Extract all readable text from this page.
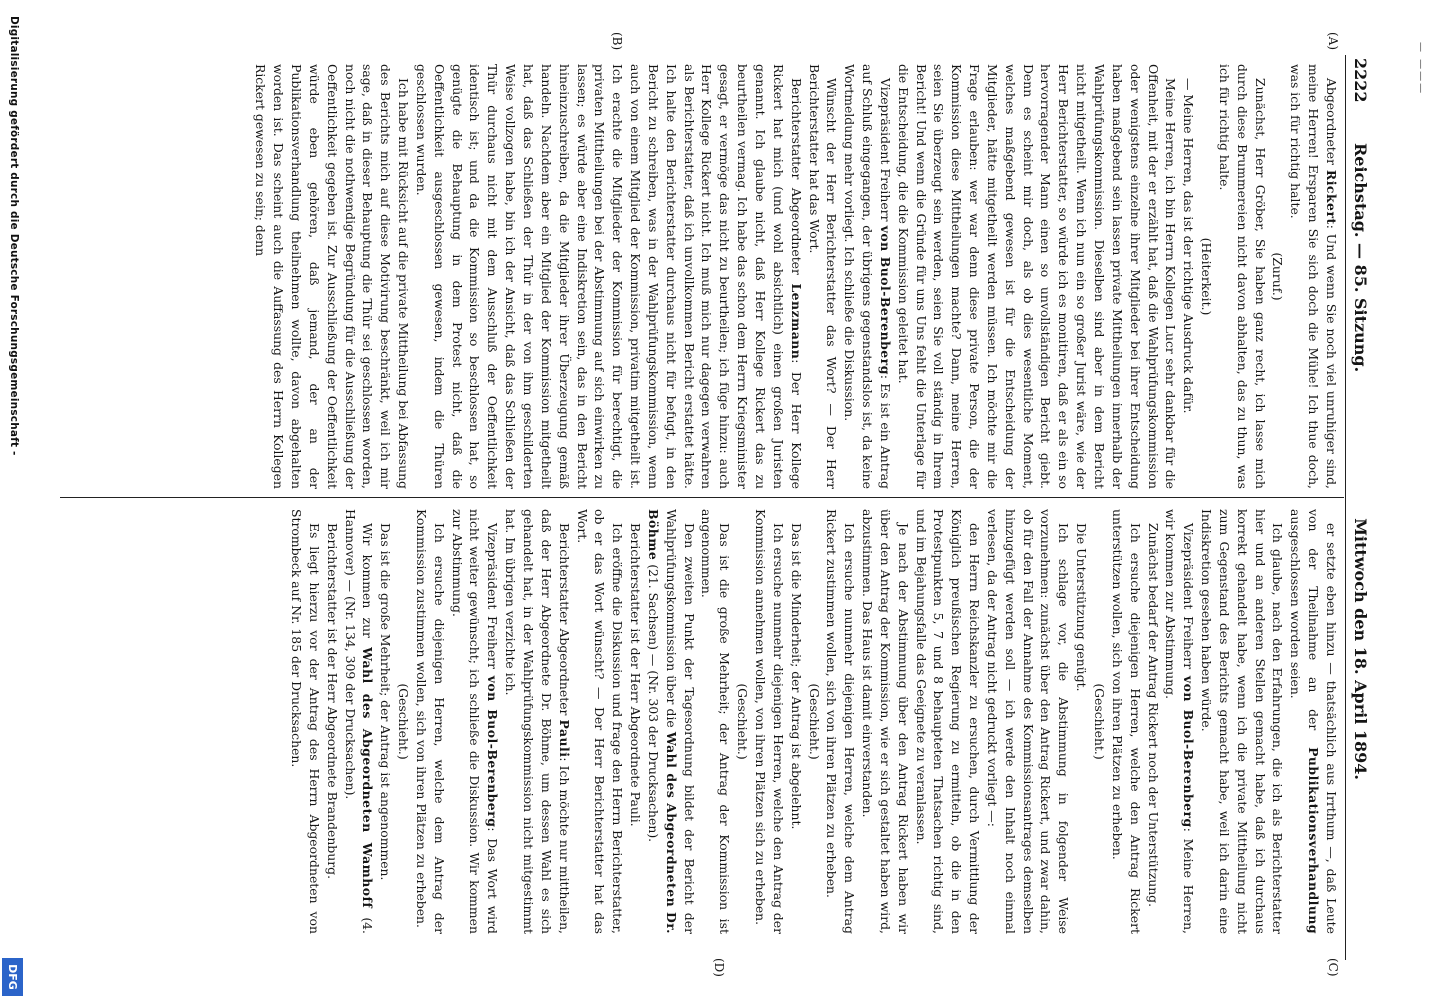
— ———
2222
Reichstag. — 85. Sitzung.
Mittwoch den 18. April 1894.
(A)
(B)
(C)
(D)

Abgeordneter Rickert: Und wenn Sie noch viel unruhiger sind, meine Herren! Ersparen Sie sich doch die Mühe! Ich thue doch, was ich für richtig halte.

(Zuruf.)

Zunächst, Herr Gröber, Sie haben ganz recht, ich lasse mich durch diese Brummereien nicht davon abhalten, das zu thun, was ich für richtig halte.

(Heiterkeit.)

— Meine Herren, das ist der richtige Ausdruck dafür.

Meine Herren, ich bin Herrn Kollegen Lucr sehr dankbar für die Offenheit, mit der er erzählt hat, daß die Wahlprüfungskommission oder wenigstens einzelne ihrer Mitglieder bei ihrer Entscheidung haben maßgebend sein lassen private Mittheilungen innerhalb der Wahlprüfungskommission. Dieselben sind aber in dem Bericht nicht mitgetheilt. Wenn ich nun ein so großer Jurist wäre, wie der Herr Berichterstatter, so würde ich es monitiren, daß er als ein so hervorragender Mann einen so unvollständigen Bericht giebt. Denn es scheint mir doch, als ob dies wesentliche Moment, welches maßgebend gewesen ist für die Entscheidung der Mitglieder, hätte mitgetheilt werden müssen. Ich möchte mir die Frage erlauben: wer war denn diese private Person, die der Kommission diese Mittheilungen machte? Dann, meine Herren, seien Sie überzeugt sein werden, seien Sie voll ständig in Ihrem Bericht! Und wenn die Gründe für uns Uns fehlt die Unterlage für die Entscheidung, die die Kommission geleitet hat.

Vizepräsident Freiherr von Buol-Berenberg: Es ist ein Antrag auf Schluß eingegangen, der übrigens gegenstandslos ist, da keine Wortmeldung mehr vorliegt. Ich schließe die Diskussion.

Wünscht der Herr Berichterstatter das Wort? — Der Herr Berichterstatter hat das Wort.

Berichterstatter Abgeordneter Lenzmann: Der Herr Kollege Rickert hat mich (und wohl absichtlich) einen großen Juristen genannt. Ich glaube nicht, daß Herr Kollege Rickert das zu beurtheilen vermag. Ich habe das schon dem Herrn Kriegsminister gesagt, er vermöge das nicht zu beurtheilen; ich füge hinzu: auch Herr Kollege Rickert nicht. Ich muß mich nur dagegen verwahren als Berichterstatter, daß ich unvollkommen Bericht erstattet hätte. Ich halte den Berichterstatter durchaus nicht für befugt, in den Bericht zu schreiben, was in der Wahlprüfungskommission, wenn auch von einem Mitglied der Kommission, privatim mitgetheilt ist. Ich erachte die Mitglieder der Kommission für berechtigt, die privaten Mittheilungen bei der Abstimmung auf sich einwirken zu lassen; es würde aber eine Indiskretion sein, das in den Bericht hineinzuschreiben, da die Mitglieder ihrer Überzeugung gemäß handeln. Nachdem aber ein Mitglied der Kommission mitgetheilt hat, daß das Schließen der Thür in der von ihm geschilderten Weise vollzogen habe, bin ich der Ansicht, daß das Schließen der Thür durchaus nicht mit dem Ausschluß der Oeffentlichkeit identisch ist; und da die Kommission so beschlossen hat, so genügte die Behauptung in dem Protest nicht, daß die Oeffentlichkeit ausgeschlossen gewesen, indem die Thüren geschlossen wurden.

Ich habe mit Rücksicht auf die private Mittheilung bei Abfassung des Berichts mich auf diese Motivirung beschränkt, weil ich mir sage, daß in dieser Behauptung die Thür sei geschlossen worden, noch nicht die nothwendige Begründung für die Ausschließung der Oeffentlichkeit gegeben ist. Zur Ausschließung der Oeffentlichkeit würde eben gehören, daß jemand, der an der Publikationsverhandlung theilnehmen wollte, davon abgehalten worden ist. Das scheint auch die Auffassung des Herrn Kollegen Rickert gewesen zu sein; denn

er setzte eben hinzu — thatsächlich aus Irrthum —, daß Leute von der Theilnahme an der Publikationsverhandlung ausgeschlossen worden seien.

Ich glaube, nach den Erfahrungen, die ich als Berichterstatter hier und an anderen Stellen gemacht habe, daß ich durchaus korrekt gehandelt habe, wenn ich die private Mittheilung nicht zum Gegenstand des Berichts gemacht habe, weil ich darin eine Indiskretion gesehen haben würde.

Vizepräsident Freiherr von Buol-Berenberg: Meine Herren, wir kommen zur Abstimmung.

Zunächst bedarf der Antrag Rickert noch der Unterstützung.

Ich ersuche diejenigen Herren, welche den Antrag Rickert unterstützen wollen, sich von ihren Plätzen zu erheben.

(Geschieht.)

Die Unterstützung genügt.

Ich schlage vor, die Abstimmung in folgender Weise vorzunehmen: zunächst über den Antrag Rickert, und zwar dahin, ob für den Fall der Annahme des Kommissionsantrages demselben hinzugefügt werden soll — ich werde den Inhalt noch einmal verlesen, da der Antrag nicht gedruckt vorliegt —:

den Herrn Reichskanzler zu ersuchen, durch Vermittlung der Königlich preußischen Regierung zu ermitteln, ob die in den Protestpunkten 5, 7 und 8 behaupteten Thatsachen richtig sind, und im Bejahungsfalle das Geeignete zu veranlassen.

Je nach der Abstimmung über den Antrag Rickert haben wir über den Antrag der Kommission, wie er sich gestaltet haben wird, abzustimmen. Das Haus ist damit einverstanden.

Ich ersuche nunmehr diejenigen Herren, welche dem Antrag Rickert zustimmen wollen, sich von ihren Plätzen zu erheben.

(Geschieht.)

Das ist die Minderheit; der Antrag ist abgelehnt.

Ich ersuche nunmehr diejenigen Herren, welche den Antrag der Kommission annehmen wollen, von ihren Plätzen sich zu erheben.

(Geschieht.)

Das ist die große Mehrheit; der Antrag der Kommission ist angenommen.

Den zweiten Punkt der Tagesordnung bildet der Bericht der Wahlprüfungskommission über die Wahl des Abgeordneten Dr. Böhme (21. Sachsen) — (Nr. 303 der Drucksachen).

Berichterstatter ist der Herr Abgeordnete Pauli.

Ich eröffne die Diskussion und frage den Herrn Berichterstatter, ob er das Wort wünscht? — Der Herr Berichterstatter hat das Wort.

Berichterstatter Abgeordneter Pauli: Ich möchte nur mittheilen, daß der Herr Abgeordnete Dr. Böhme, um dessen Wahl es sich gehandelt hat, in der Wahlprüfungskommission nicht mitgestimmt hat. Im übrigen verzichte ich.

Vizepräsident Freiherr von Buol-Berenberg: Das Wort wird nicht weiter gewünscht; ich schließe die Diskussion. Wir kommen zur Abstimmung.

Ich ersuche diejenigen Herren, welche dem Antrag der Kommission zustimmen wollen, sich von ihren Plätzen zu erheben.

(Geschieht.)

Das ist die große Mehrheit; der Antrag ist angenommen.

Wir kommen zur Wahl des Abgeordneten Wamhoff (4. Hannover) — (Nr. 134, 309 der Drucksachen).

Berichterstatter ist der Herr Abgeordnete Brandenburg.

Es liegt hierzu vor der Antrag des Herrn Abgeordneten von Strombeck auf Nr. 185 der Drucksachen.

Digitalisierung gefördert durch die Deutsche Forschungsgemeinschaft -
DFG
